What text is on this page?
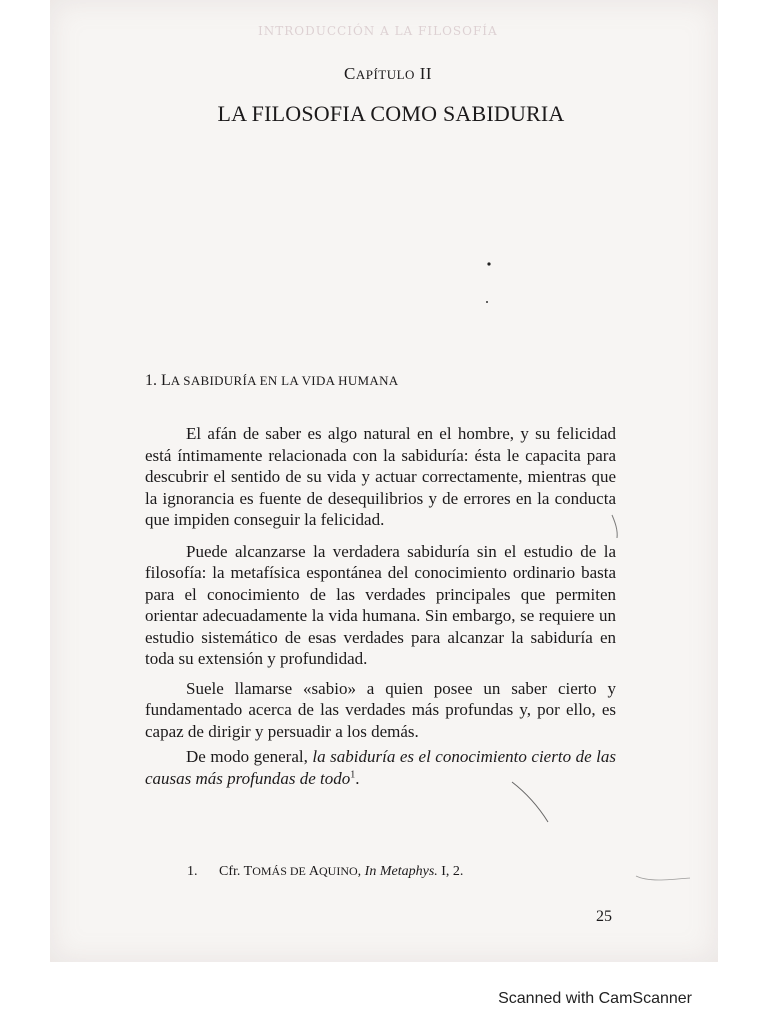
INTRODUCCIÓN A LA FILOSOFÍA
CAPÍTULO II
LA FILOSOFIA COMO SABIDURIA
1. LA SABIDURÍA EN LA VIDA HUMANA

El afán de saber es algo natural en el hombre, y su felicidad está íntimamente relacionada con la sabiduría: ésta le capacita para descubrir el sentido de su vida y actuar correctamente, mientras que la ignorancia es fuente de desequilibrios y de errores en la conducta que impiden conseguir la felicidad.

Puede alcanzarse la verdadera sabiduría sin el estudio de la filosofía: la metafísica espontánea del conocimiento ordinario basta para el conocimiento de las verdades principales que permiten orientar adecuadamente la vida humana. Sin embargo, se requiere un estudio sistemático de esas verdades para alcanzar la sabiduría en toda su extensión y profundidad.

Suele llamarse «sabio» a quien posee un saber cierto y fundamentado acerca de las verdades más profundas y, por ello, es capaz de dirigir y persuadir a los demás.

De modo general, la sabiduría es el conocimiento cierto de las causas más profundas de todo$^1$.

1. Cfr. TOMÁS DE AQUINO, In Metaphys. I, 2.
25
Scanned with CamScanner
